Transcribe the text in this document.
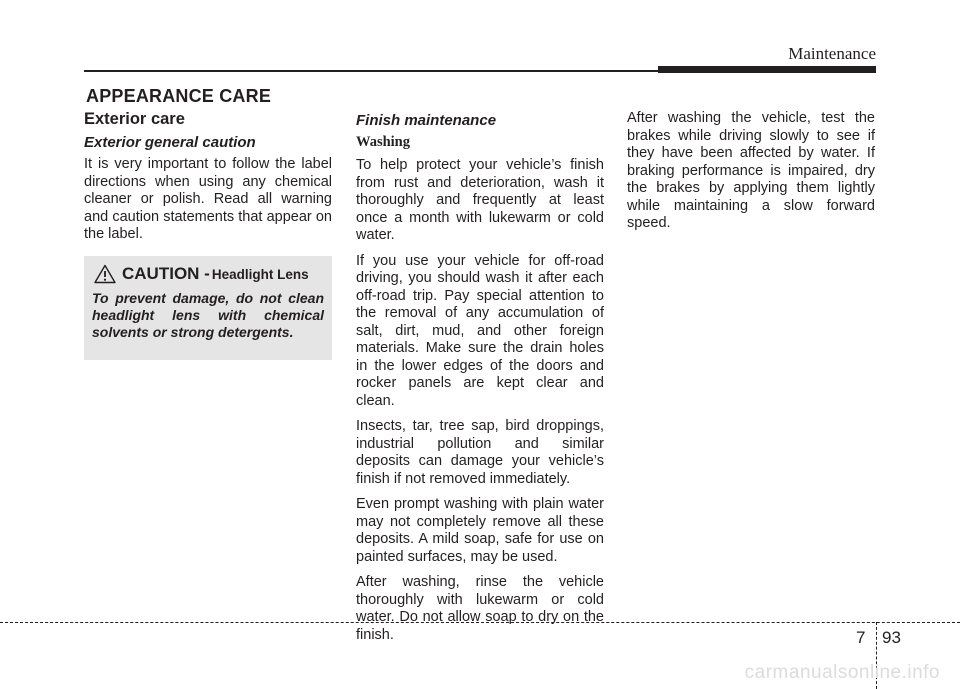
Maintenance
APPEARANCE CARE
Exterior care
Exterior general caution

It is very important to follow the label directions when using any chemical cleaner or polish. Read all warning and caution statements that appear on the label.

CAUTION - Headlight Lens

To prevent damage, do not clean headlight lens with chemical solvents or strong detergents.

Finish maintenance
Washing

To help protect your vehicle’s finish from rust and deterioration, wash it thoroughly and frequently at least once a month with lukewarm or cold water.

If you use your vehicle for off-road driving, you should wash it after each off-road trip. Pay special attention to the removal of any accumulation of salt, dirt, mud, and other foreign materials. Make sure the drain holes in the lower edges of the doors and rocker panels are kept clear and clean.

Insects, tar, tree sap, bird droppings, industrial pollution and similar deposits can damage your vehicle’s finish if not removed immediately.

Even prompt washing with plain water may not completely remove all these deposits. A mild soap, safe for use on painted surfaces, may be used.

After washing, rinse the vehicle thoroughly with lukewarm or cold water. Do not allow soap to dry on the finish.

After washing the vehicle, test the brakes while driving slowly to see if they have been affected by water. If braking performance is impaired, dry the brakes by applying them lightly while maintaining a slow forward speed.

7 93
carmanualsonline.info
